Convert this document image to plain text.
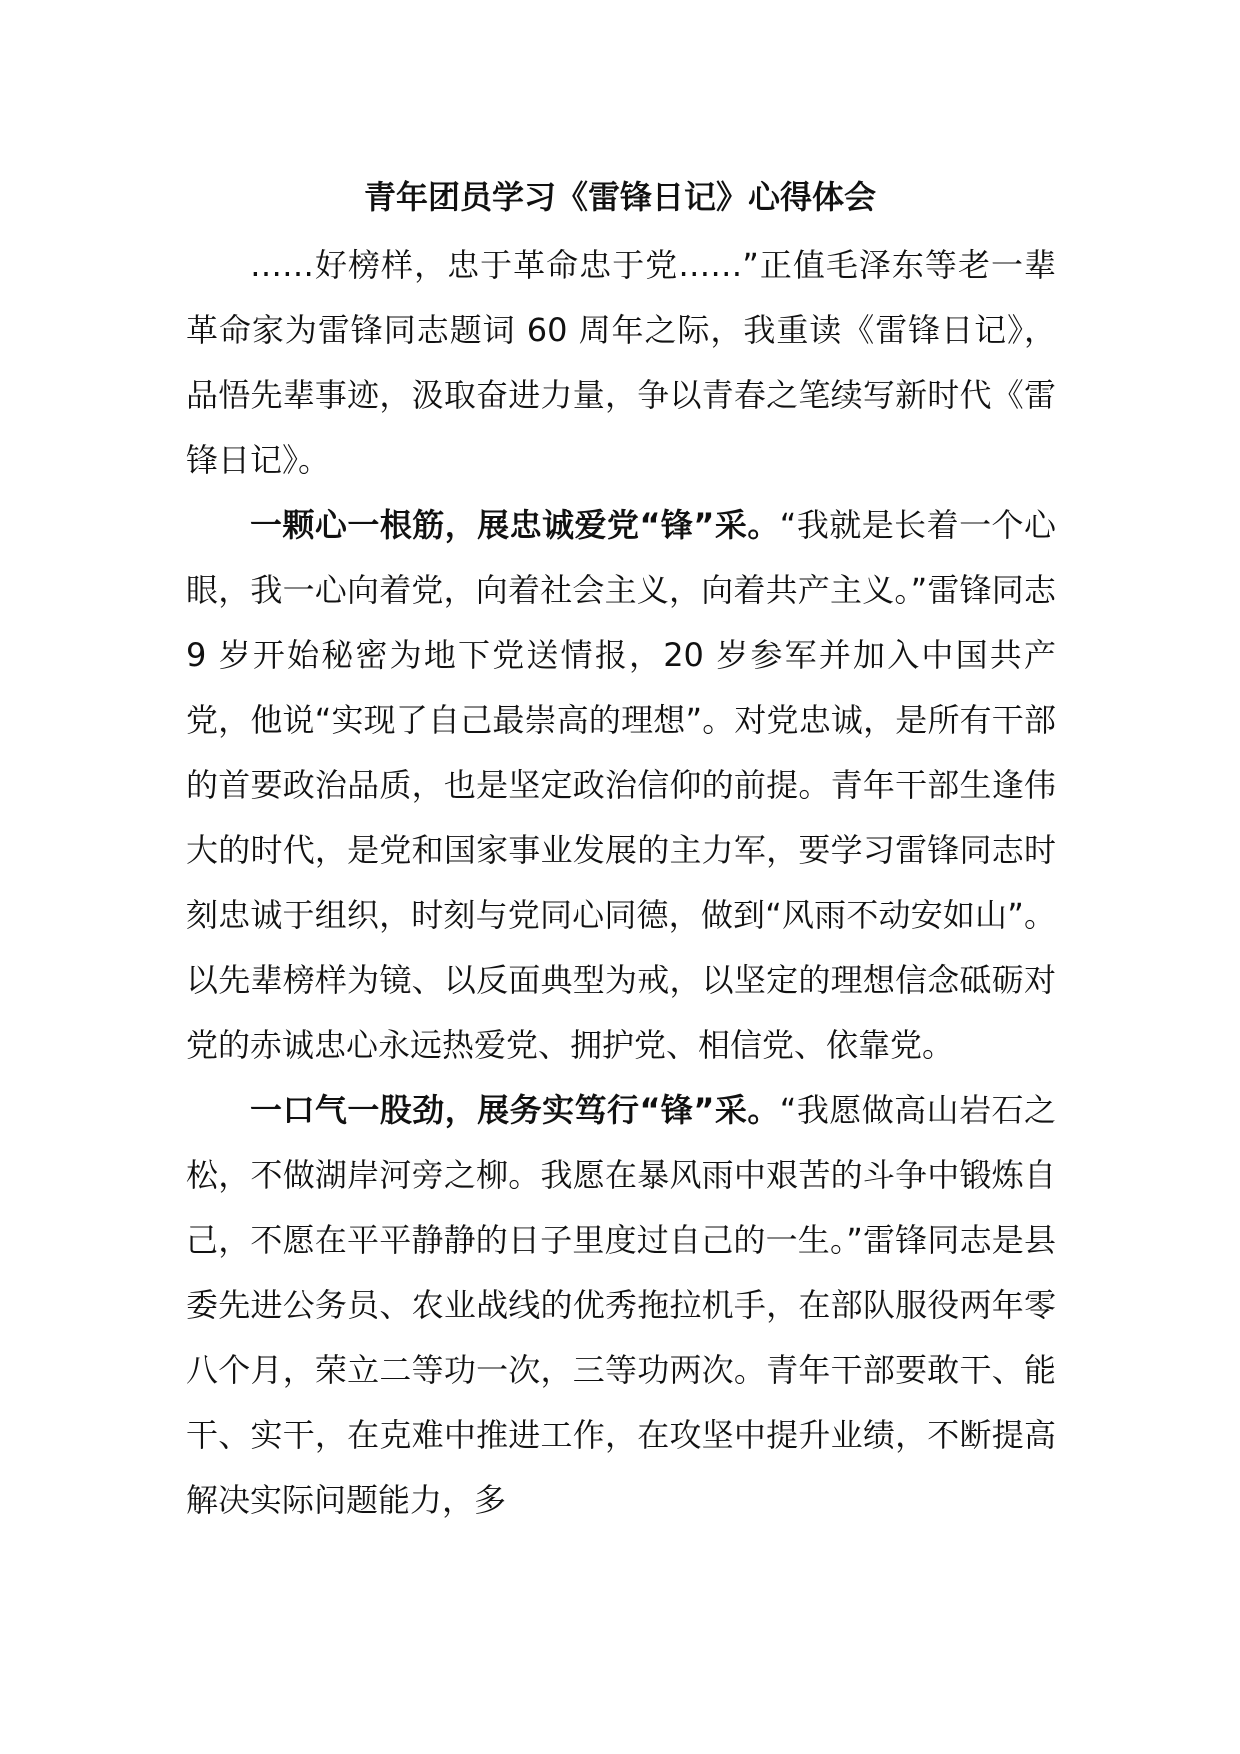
青年团员学习《雷锋日记》心得体会

……好榜样，忠于革命忠于党……”正值毛泽东等老一辈革命家为雷锋同志题词 60 周年之际，我重读《雷锋日记》，品悟先辈事迹，汲取奋进力量，争以青春之笔续写新时代《雷锋日记》。

一颗心一根筋，展忠诚爱党“锋”采。“我就是长着一个心眼，我一心向着党，向着社会主义，向着共产主义。”雷锋同志 9 岁开始秘密为地下党送情报，20 岁参军并加入中国共产党，他说“实现了自己最崇高的理想”。对党忠诚，是所有干部的首要政治品质，也是坚定政治信仰的前提。青年干部生逢伟大的时代，是党和国家事业发展的主力军，要学习雷锋同志时刻忠诚于组织，时刻与党同心同德，做到“风雨不动安如山”。以先辈榜样为镜、以反面典型为戒，以坚定的理想信念砥砺对党的赤诚忠心永远热爱党、拥护党、相信党、依靠党。

一口气一股劲，展务实笃行“锋”采。“我愿做高山岩石之松，不做湖岸河旁之柳。我愿在暴风雨中艰苦的斗争中锻炼自己，不愿在平平静静的日子里度过自己的一生。”雷锋同志是县委先进公务员、农业战线的优秀拖拉机手，在部队服役两年零八个月，荣立二等功一次，三等功两次。青年干部要敢干、能干、实干，在克难中推进工作，在攻坚中提升业绩，不断提高解决实际问题能力，多
